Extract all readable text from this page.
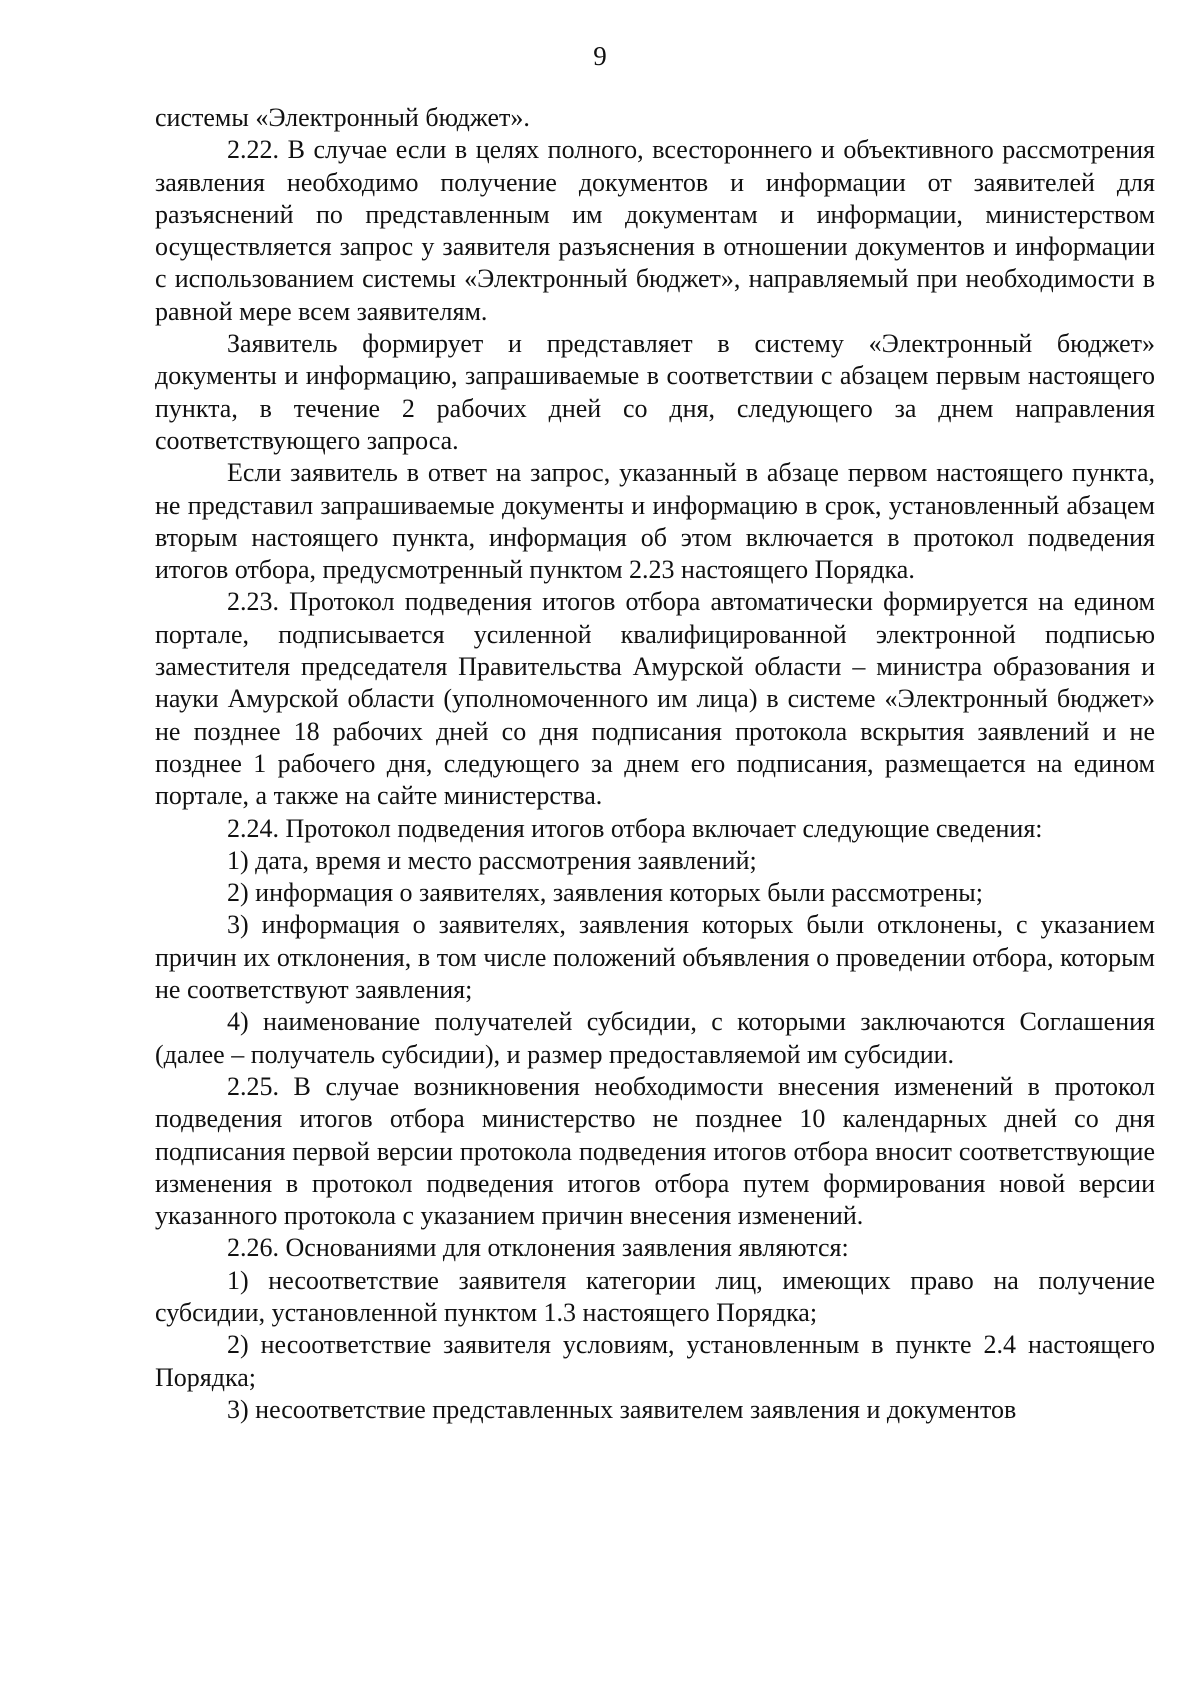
9

системы «Электронный бюджет».

2.22. В случае если в целях полного, всестороннего и объективного рассмотрения заявления необходимо получение документов и информации от заявителей для разъяснений по представленным им документам и информации, министерством осуществляется запрос у заявителя разъяснения в отношении документов и информации с использованием системы «Электронный бюджет», направляемый при необходимости в равной мере всем заявителям.

Заявитель формирует и представляет в систему «Электронный бюджет» документы и информацию, запрашиваемые в соответствии с абзацем первым настоящего пункта, в течение 2 рабочих дней со дня, следующего за днем направления соответствующего запроса.

Если заявитель в ответ на запрос, указанный в абзаце первом настоящего пункта, не представил запрашиваемые документы и информацию в срок, установленный абзацем вторым настоящего пункта, информация об этом включается в протокол подведения итогов отбора, предусмотренный пунктом 2.23 настоящего Порядка.

2.23. Протокол подведения итогов отбора автоматически формируется на едином портале, подписывается усиленной квалифицированной электронной подписью заместителя председателя Правительства Амурской области – министра образования и науки Амурской области (уполномоченного им лица) в системе «Электронный бюджет» не позднее 18 рабочих дней со дня подписания протокола вскрытия заявлений и не позднее 1 рабочего дня, следующего за днем его подписания, размещается на едином портале, а также на сайте министерства.

2.24. Протокол подведения итогов отбора включает следующие сведения:

1) дата, время и место рассмотрения заявлений;

2) информация о заявителях, заявления которых были рассмотрены;

3) информация о заявителях, заявления которых были отклонены, с указанием причин их отклонения, в том числе положений объявления о проведении отбора, которым не соответствуют заявления;

4) наименование получателей субсидии, с которыми заключаются Соглашения (далее – получатель субсидии), и размер предоставляемой им субсидии.

2.25. В случае возникновения необходимости внесения изменений в протокол подведения итогов отбора министерство не позднее 10 календарных дней со дня подписания первой версии протокола подведения итогов отбора вносит соответствующие изменения в протокол подведения итогов отбора путем формирования новой версии указанного протокола с указанием причин внесения изменений.

2.26. Основаниями для отклонения заявления являются:

1) несоответствие заявителя категории лиц, имеющих право на получение субсидии, установленной пунктом 1.3 настоящего Порядка;

2) несоответствие заявителя условиям, установленным в пункте 2.4 настоящего Порядка;

3) несоответствие представленных заявителем заявления и документов
